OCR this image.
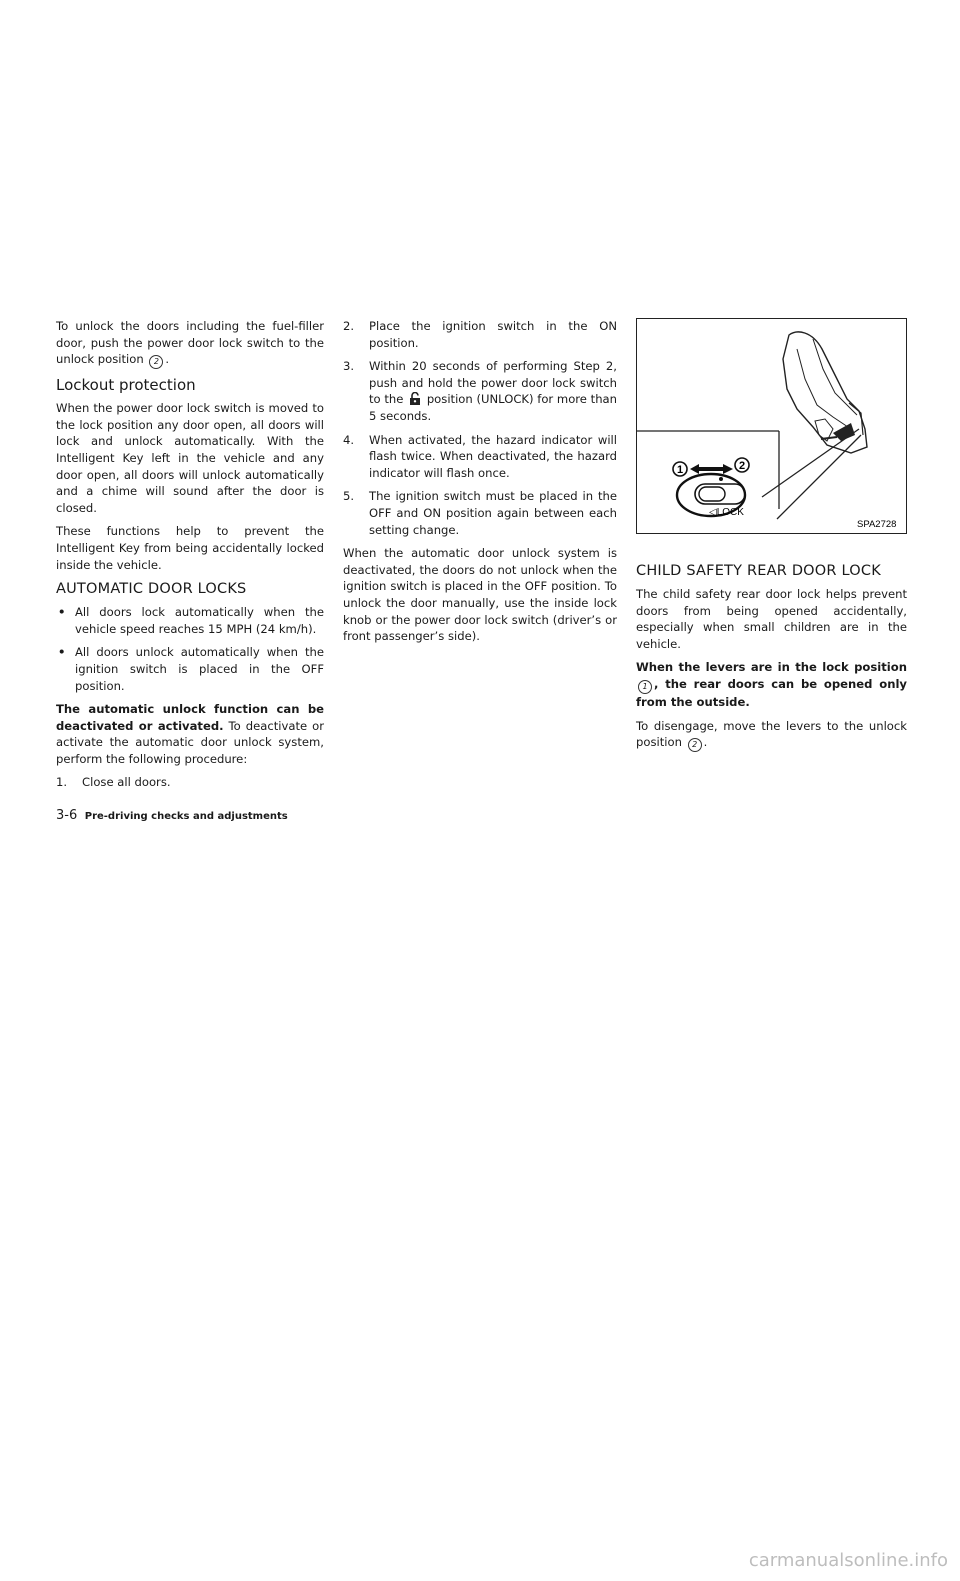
To unlock the doors including the fuel-filler door, push the power door lock switch to the unlock position 2 .

Lockout protection

When the power door lock switch is moved to the lock position any door open, all doors will lock and unlock automatically. With the Intelligent Key left in the vehicle and any door open, all doors will unlock automatically and a chime will sound after the door is closed.

These functions help to prevent the Intelligent Key from being accidentally locked inside the vehicle.

AUTOMATIC DOOR LOCKS
• All doors lock automatically when the vehicle speed reaches 15 MPH (24 km/h).
• All doors unlock automatically when the ignition switch is placed in the OFF position.

The automatic unlock function can be deactivated or activated. To deactivate or activate the automatic door unlock system, perform the following procedure:

1. Close all doors.
2. Place the ignition switch in the ON position.
3. Within 20 seconds of performing Step 2, push and hold the power door lock switch to the position (UNLOCK) for more than 5 seconds.
4. When activated, the hazard indicator will flash twice. When deactivated, the hazard indicator will flash once.
5. The ignition switch must be placed in the OFF and ON position again between each setting change.

When the automatic door unlock system is deactivated, the doors do not unlock when the ignition switch is placed in the OFF position. To unlock the door manually, use the inside lock knob or the power door lock switch (driver’s or front passenger’s side).

1	2
◁LOCK
SPA2728
CHILD SAFETY REAR DOOR LOCK

The child safety rear door lock helps prevent doors from being opened accidentally, especially when small children are in the vehicle.

When the levers are in the lock position 1 , the rear doors can be opened only from the outside.

To disengage, move the levers to the unlock position 2 .

3-6 Pre-driving checks and adjustments
carmanualsonline.info
